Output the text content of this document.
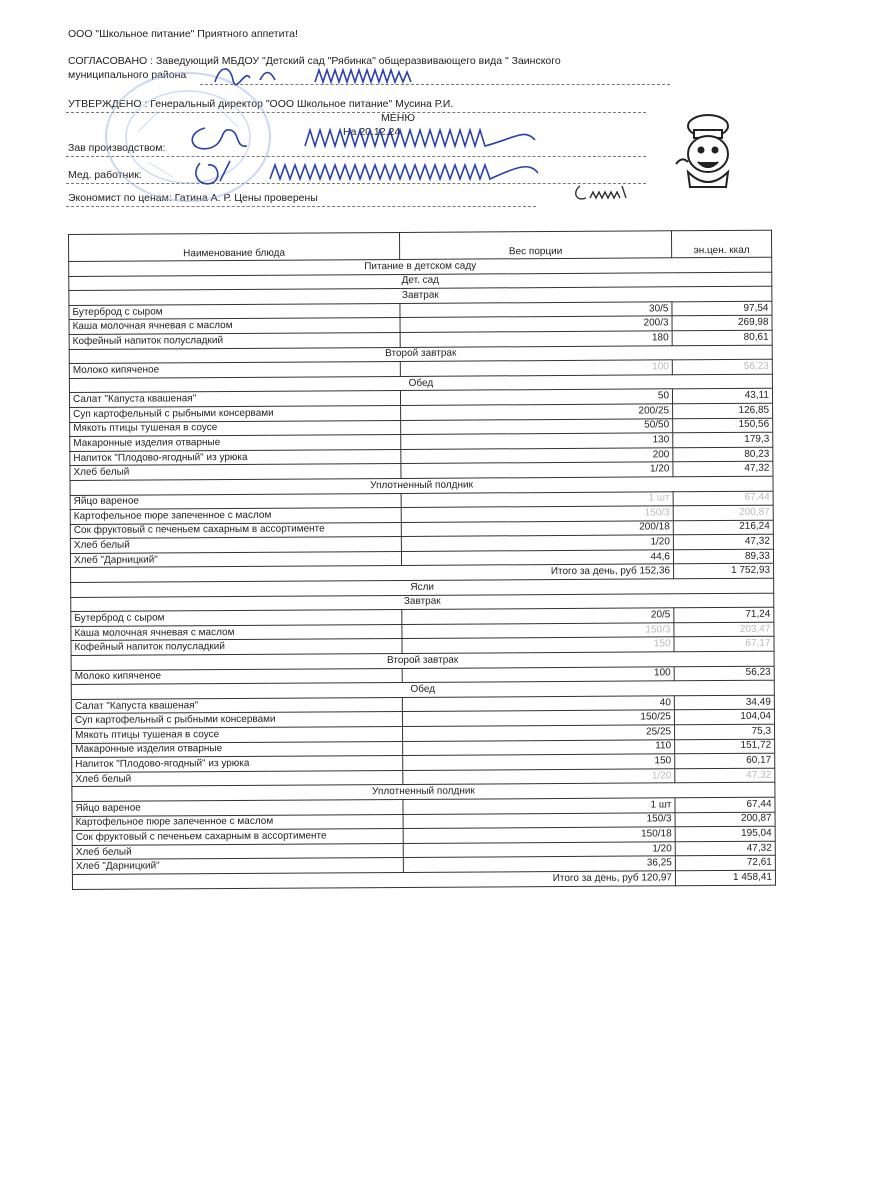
ООО "Школьное питание" Приятного аппетита!
СОГЛАСОВАНО : Заведующий МБДОУ "Детский сад "Рябинка" общеразвивающего вида " Заинского
муниципального района
УТВЕРЖДЕНО : Генеральный директор "ООО Школьное питание" Мусина Р.И.
МЕНЮ
На 20.12.24
Зав производством:
Мед. работник:
Экономист по ценам: Гатина А. Р. Цены проверены
Наименование блюда	Вес порции	эн.цен. ккал
Питание в детском саду		
Дет. сад		
Завтрак		
Бутерброд с сыром	30/5	97,54
Каша молочная ячневая с маслом	200/3	269,98
Кофейный напиток полусладкий	180	80,61
Второй завтрак		
Молоко кипяченое	100	56,23
Обед		
Салат "Капуста квашеная"	50	43,11
Суп картофельный с рыбными консервами	200/25	126,85
Мякоть птицы тушеная в соусе	50/50	150,56
Макаронные изделия отварные	130	179,3
Напиток "Плодово-ягодный" из урюка	200	80,23
Хлеб белый	1/20	47,32
Уплотненный полдник		
Яйцо вареное	1 шт	67,44
Картофельное пюре запеченное с маслом	150/3	200,87
Сок фруктовый с печеньем сахарным в ассортименте	200/18	216,24
Хлеб белый	1/20	47,32
Хлеб "Дарницкий"	44,6	89,33
	Итого за день, руб 152,36	1 752,93
Ясли		
Завтрак		
Бутерброд с сыром	20/5	71,24
Каша молочная ячневая с маслом	150/3	203,47
Кофейный напиток полусладкий	150	67,17
Второй завтрак		
Молоко кипяченое	100	56,23
Обед		
Салат "Капуста квашеная"	40	34,49
Суп картофельный с рыбными консервами	150/25	104,04
Мякоть птицы тушеная в соусе	25/25	75,3
Макаронные изделия отварные	110	151,72
Напиток "Плодово-ягодный" из урюка	150	60,17
Хлеб белый	1/20	47,32
Уплотненный полдник		
Яйцо вареное	1 шт	67,44
Картофельное пюре запеченное с маслом	150/3	200,87
Сок фруктовый с печеньем сахарным в ассортименте	150/18	195,04
Хлеб белый	1/20	47,32
Хлеб "Дарницкий"	36,25	72,61
	Итого за день, руб 120,97	1 458,41
